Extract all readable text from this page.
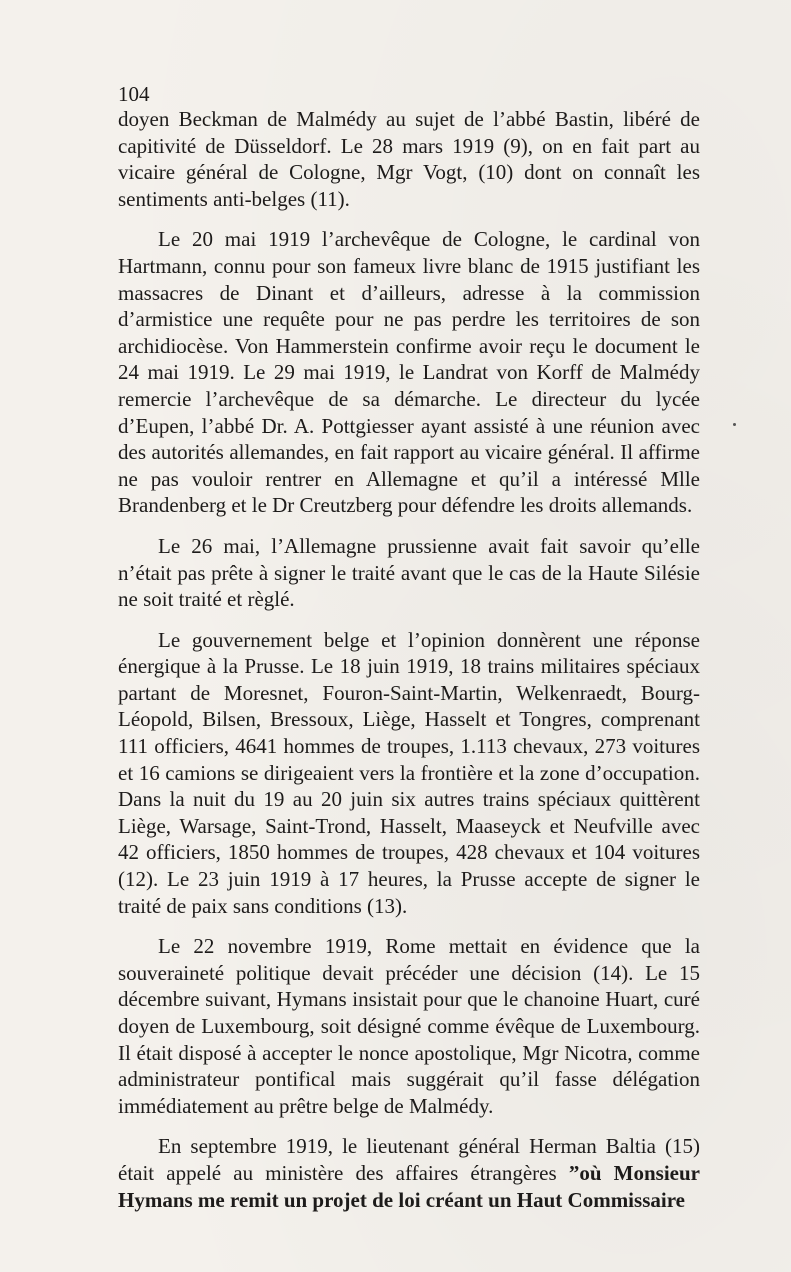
104

doyen Beckman de Malmédy au sujet de l’abbé Bastin, libéré de capitivité de Düsseldorf. Le 28 mars 1919 (9), on en fait part au vicaire général de Cologne, Mgr Vogt, (10) dont on connaît les sentiments anti-belges (11).

Le 20 mai 1919 l’archevêque de Cologne, le cardinal von Hartmann, connu pour son fameux livre blanc de 1915 justifiant les massacres de Dinant et d’ailleurs, adresse à la commission d’armistice une requête pour ne pas perdre les territoires de son archidiocèse. Von Hammerstein confirme avoir reçu le document le 24 mai 1919. Le 29 mai 1919, le Landrat von Korff de Malmédy remercie l’archevêque de sa démarche. Le directeur du lycée d’Eupen, l’abbé Dr. A. Pottgiesser ayant assisté à une réunion avec des autorités allemandes, en fait rapport au vicaire général. Il affirme ne pas vouloir rentrer en Allemagne et qu’il a intéressé Mlle Brandenberg et le Dr Creutzberg pour défendre les droits allemands.

Le 26 mai, l’Allemagne prussienne avait fait savoir qu’elle n’était pas prête à signer le traité avant que le cas de la Haute Silésie ne soit traité et règlé.

Le gouvernement belge et l’opinion donnèrent une réponse énergique à la Prusse. Le 18 juin 1919, 18 trains militaires spéciaux partant de Moresnet, Fouron-Saint-Martin, Welkenraedt, Bourg-Léopold, Bilsen, Bressoux, Liège, Hasselt et Tongres, comprenant 111 officiers, 4641 hommes de troupes, 1.113 chevaux, 273 voitures et 16 camions se dirigeaient vers la frontière et la zone d’occupation. Dans la nuit du 19 au 20 juin six autres trains spéciaux quittèrent Liège, Warsage, Saint-Trond, Hasselt, Maaseyck et Neufville avec 42 officiers, 1850 hommes de troupes, 428 chevaux et 104 voitures (12). Le 23 juin 1919 à 17 heures, la Prusse accepte de signer le traité de paix sans conditions (13).

Le 22 novembre 1919, Rome mettait en évidence que la souveraineté politique devait précéder une décision (14). Le 15 décembre suivant, Hymans insistait pour que le chanoine Huart, curé doyen de Luxembourg, soit désigné comme évêque de Luxembourg. Il était disposé à accepter le nonce apostolique, Mgr Nicotra, comme administrateur pontifical mais suggérait qu’il fasse délégation immédiatement au prêtre belge de Malmédy.

En septembre 1919, le lieutenant général Herman Baltia (15) était appelé au ministère des affaires étrangères ”où Monsieur Hymans me remit un projet de loi créant un Haut Commissaire
